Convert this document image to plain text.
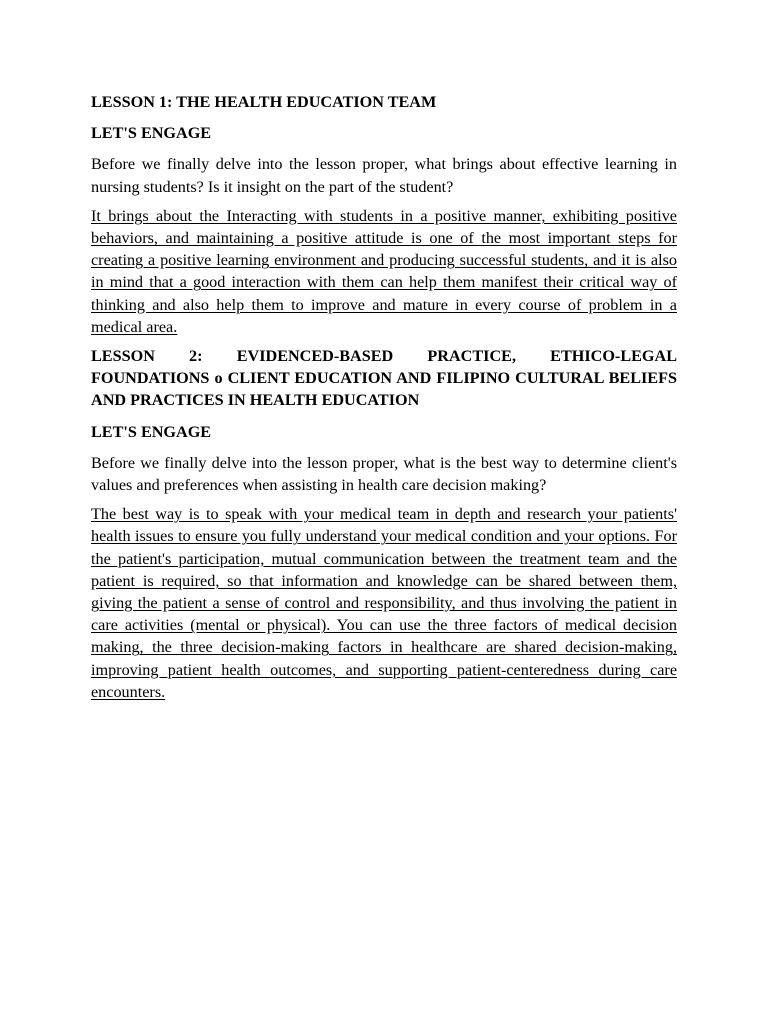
LESSON 1: THE HEALTH EDUCATION TEAM

LET'S ENGAGE

Before we finally delve into the lesson proper, what brings about effective learning in nursing students? Is it insight on the part of the student?

It brings about the Interacting with students in a positive manner, exhibiting positive behaviors, and maintaining a positive attitude is one of the most important steps for creating a positive learning environment and producing successful students, and it is also in mind that a good interaction with them can help them manifest their critical way of thinking and also help them to improve and mature in every course of problem in a medical area.

LESSON 2: EVIDENCED-BASED PRACTICE, ETHICO-LEGAL FOUNDATIONS o CLIENT EDUCATION AND FILIPINO CULTURAL BELIEFS AND PRACTICES IN HEALTH EDUCATION

LET'S ENGAGE

Before we finally delve into the lesson proper, what is the best way to determine client's values and preferences when assisting in health care decision making?

The best way is to speak with your medical team in depth and research your patients' health issues to ensure you fully understand your medical condition and your options. For the patient's participation, mutual communication between the treatment team and the patient is required, so that information and knowledge can be shared between them, giving the patient a sense of control and responsibility, and thus involving the patient in care activities (mental or physical). You can use the three factors of medical decision making, the three decision-making factors in healthcare are shared decision-making, improving patient health outcomes, and supporting patient-centeredness during care encounters.
